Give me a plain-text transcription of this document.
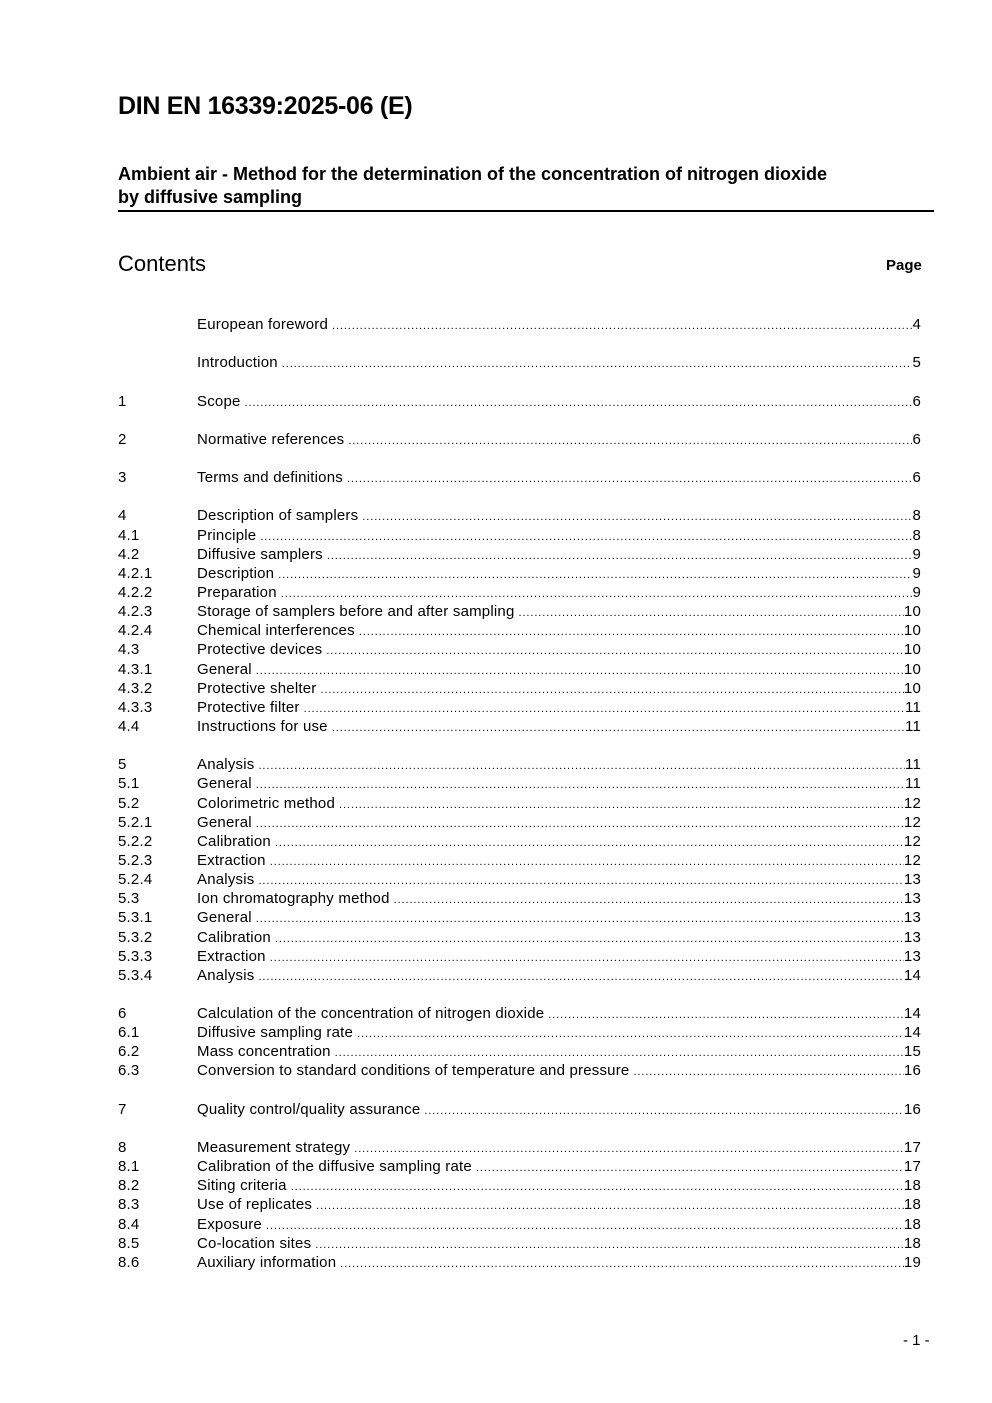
DIN EN 16339:2025-06 (E)
Ambient air - Method for the determination of the concentration of nitrogen dioxide
by diffusive sampling
Contents	Page
European foreword .....	4
Introduction .....	5
1	Scope .....	6
2	Normative references .....	6
3	Terms and definitions .....	6
4	Description of samplers .....	8
4.1	Principle .....	8
4.2	Diffusive samplers .....	9
4.2.1	Description .....	9
4.2.2	Preparation .....	9
4.2.3	Storage of samplers before and after sampling .....	10
4.2.4	Chemical interferences .....	10
4.3	Protective devices .....	10
4.3.1	General .....	10
4.3.2	Protective shelter .....	10
4.3.3	Protective filter .....	11
4.4	Instructions for use .....	11
5	Analysis .....	11
5.1	General .....	11
5.2	Colorimetric method .....	12
5.2.1	General .....	12
5.2.2	Calibration .....	12
5.2.3	Extraction .....	12
5.2.4	Analysis .....	13
5.3	Ion chromatography method .....	13
5.3.1	General .....	13
5.3.2	Calibration .....	13
5.3.3	Extraction .....	13
5.3.4	Analysis .....	14
6	Calculation of the concentration of nitrogen dioxide .....	14
6.1	Diffusive sampling rate .....	14
6.2	Mass concentration .....	15
6.3	Conversion to standard conditions of temperature and pressure .....	16
7	Quality control/quality assurance .....	16
8	Measurement strategy .....	17
8.1	Calibration of the diffusive sampling rate .....	17
8.2	Siting criteria .....	18
8.3	Use of replicates .....	18
8.4	Exposure .....	18
8.5	Co-location sites .....	18
8.6	Auxiliary information .....	19
- 1 -
